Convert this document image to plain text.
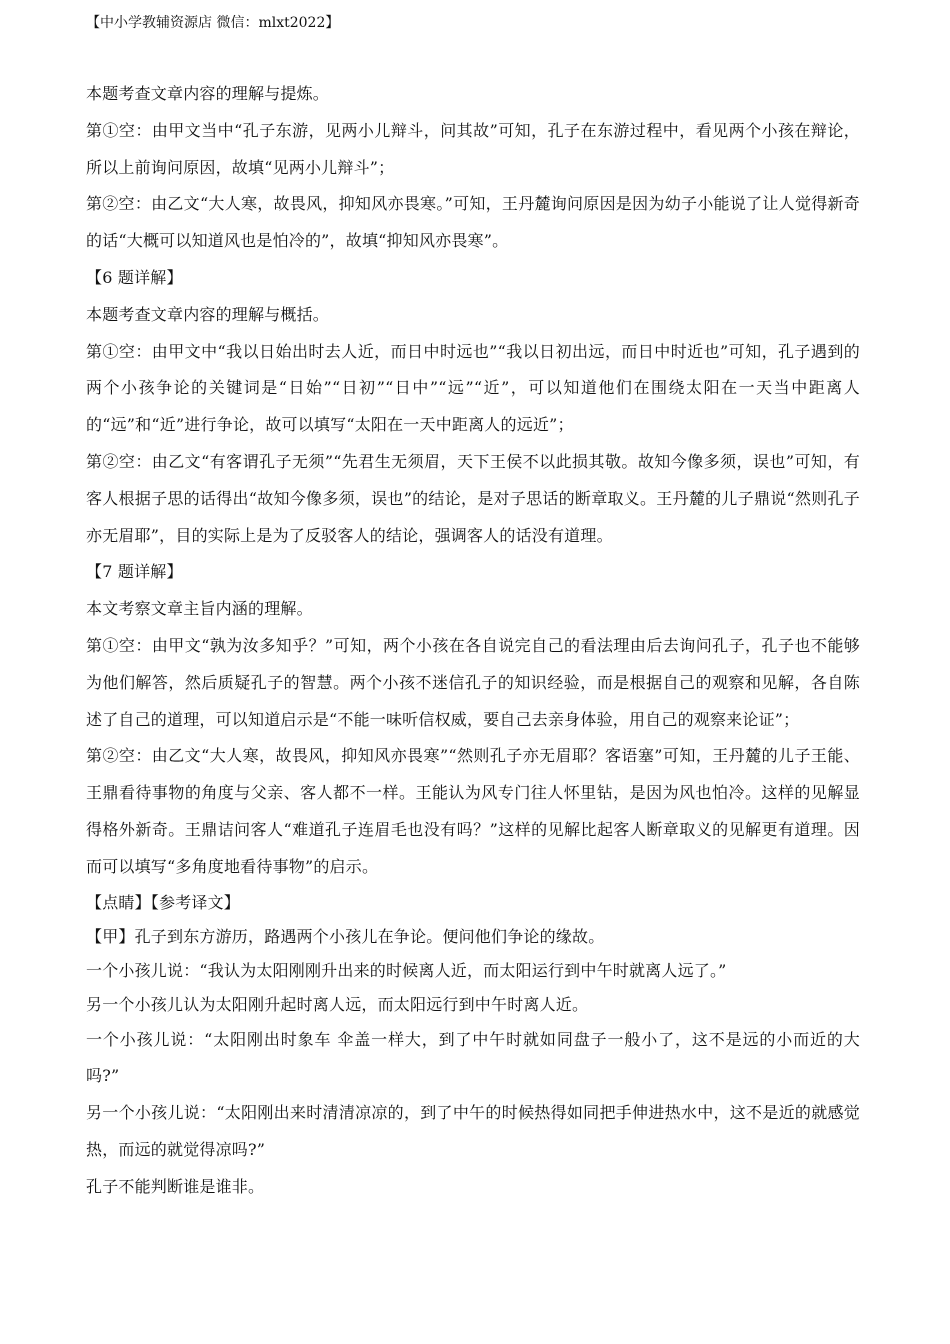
【中小学教辅资源店 微信：mlxt2022】

本题考查文章内容的理解与提炼。

第①空：由甲文当中“孔子东游，见两小儿辩斗，问其故”可知，孔子在东游过程中，看见两个小孩在辩论，所以上前询问原因，故填“见两小儿辩斗”；

第②空：由乙文“大人寒，故畏风，抑知风亦畏寒。”可知，王丹麓询问原因是因为幼子小能说了让人觉得新奇的话“大概可以知道风也是怕冷的”，故填“抑知风亦畏寒”。

【6 题详解】

本题考查文章内容的理解与概括。

第①空：由甲文中“我以日始出时去人近，而日中时远也”“我以日初出远，而日中时近也”可知，孔子遇到的两个小孩争论的关键词是“日始”“日初”“日中”“远”“近”，可以知道他们在围绕太阳在一天当中距离人的“远”和“近”进行争论，故可以填写“太阳在一天中距离人的远近”；

第②空：由乙文“有客谓孔子无须”“先君生无须眉，天下王侯不以此损其敬。故知今像多须，误也”可知，有客人根据子思的话得出“故知今像多须，误也”的结论，是对子思话的断章取义。王丹麓的儿子鼎说“然则孔子亦无眉耶”，目的实际上是为了反驳客人的结论，强调客人的话没有道理。

【7 题详解】

本文考察文章主旨内涵的理解。

第①空：由甲文“孰为汝多知乎？”可知，两个小孩在各自说完自己的看法理由后去询问孔子，孔子也不能够为他们解答，然后质疑孔子的智慧。两个小孩不迷信孔子的知识经验，而是根据自己的观察和见解，各自陈述了自己的道理，可以知道启示是“不能一味听信权威，要自己去亲身体验，用自己的观察来论证”；

第②空：由乙文“大人寒，故畏风，抑知风亦畏寒”“然则孔子亦无眉耶？客语塞”可知，王丹麓的儿子王能、王鼎看待事物的角度与父亲、客人都不一样。王能认为风专门往人怀里钻，是因为风也怕冷。这样的见解显得格外新奇。王鼎诘问客人“难道孔子连眉毛也没有吗？”这样的见解比起客人断章取义的见解更有道理。因而可以填写“多角度地看待事物”的启示。

【点睛】【参考译文】

【甲】孔子到东方游历，路遇两个小孩儿在争论。便问他们争论的缘故。

一个小孩儿说：“我认为太阳刚刚升出来的时候离人近，而太阳运行到中午时就离人远了。”

另一个小孩儿认为太阳刚升起时离人远，而太阳远行到中午时离人近。

一个小孩儿说：“太阳刚出时象车 伞盖一样大，到了中午时就如同盘子一般小了，这不是远的小而近的大吗?”

另一个小孩儿说：“太阳刚出来时清清凉凉的，到了中午的时候热得如同把手伸进热水中，这不是近的就感觉热，而远的就觉得凉吗?”

孔子不能判断谁是谁非。
